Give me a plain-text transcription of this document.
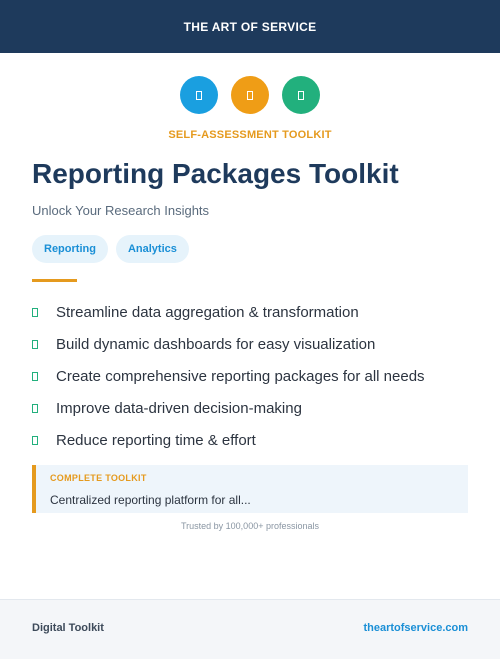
THE ART OF SERVICE
SELF-ASSESSMENT TOOLKIT
Reporting Packages Toolkit
Unlock Your Research Insights
Reporting	Analytics
Streamline data aggregation & transformation
Build dynamic dashboards for easy visualization
Create comprehensive reporting packages for all needs
Improve data-driven decision-making
Reduce reporting time & effort
COMPLETE TOOLKIT
Centralized reporting platform for all...
Trusted by 100,000+ professionals
Digital Toolkit	theartofservice.com
